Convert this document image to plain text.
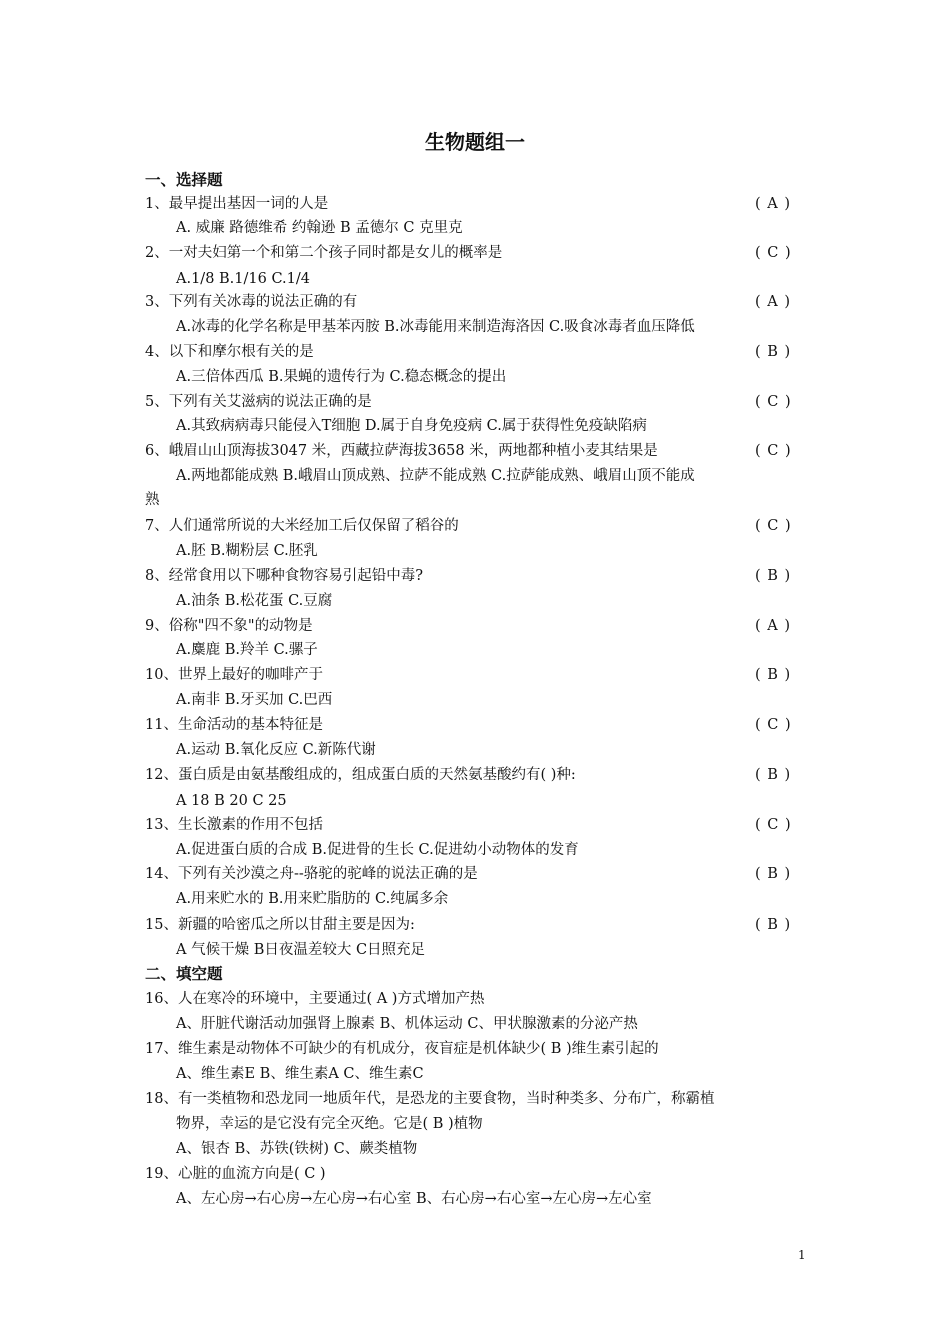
生物题组一
一、选择题
1、最早提出基因一词的人是	( A )
A. 威廉 路德维希 约翰逊 B 孟德尔 C 克里克
2、一对夫妇第一个和第二个孩子同时都是女儿的概率是	( C )
A.1/8 B.1/16 C.1/4
3、下列有关冰毒的说法正确的有	( A )
A.冰毒的化学名称是甲基苯丙胺 B.冰毒能用来制造海洛因 C.吸食冰毒者血压降低
4、以下和摩尔根有关的是	( B )
A.三倍体西瓜 B.果蝇的遗传行为 C.稳态概念的提出
5、下列有关艾滋病的说法正确的是	( C )
A.其致病病毒只能侵入T细胞 D.属于自身免疫病 C.属于获得性免疫缺陷病
6、峨眉山山顶海拔3047 米，西藏拉萨海拔3658 米，两地都种植小麦其结果是	( C )
A.两地都能成熟 B.峨眉山顶成熟、拉萨不能成熟 C.拉萨能成熟、峨眉山顶不能成
熟
7、人们通常所说的大米经加工后仅保留了稻谷的	( C )
A.胚 B.糊粉层 C.胚乳
8、经常食用以下哪种食物容易引起铅中毒?	( B )
A.油条 B.松花蛋 C.豆腐
9、俗称"四不象"的动物是	( A )
A.麋鹿 B.羚羊 C.骡子
10、世界上最好的咖啡产于	( B )
A.南非 B.牙买加 C.巴西
11、生命活动的基本特征是	( C )
A.运动 B.氧化反应 C.新陈代谢
12、蛋白质是由氨基酸组成的，组成蛋白质的天然氨基酸约有( )种:	( B )
A 18 B 20 C 25
13、生长激素的作用不包括	( C )
A.促进蛋白质的合成 B.促进骨的生长 C.促进幼小动物体的发育
14、下列有关沙漠之舟--骆驼的驼峰的说法正确的是	( B )
A.用来贮水的 B.用来贮脂肪的 C.纯属多余
15、新疆的哈密瓜之所以甘甜主要是因为:	( B )
A 气候干燥 B日夜温差较大 C日照充足
二、填空题
16、人在寒冷的环境中，主要通过( A )方式增加产热
A、肝脏代谢活动加强肾上腺素 B、机体运动 C、甲状腺激素的分泌产热
17、维生素是动物体不可缺少的有机成分，夜盲症是机体缺少( B )维生素引起的
A、维生素E B、维生素A C、维生素C
18、有一类植物和恐龙同一地质年代，是恐龙的主要食物，当时种类多、分布广，称霸植
物界，幸运的是它没有完全灭绝。它是( B )植物
A、银杏 B、苏铁(铁树) C、蕨类植物
19、心脏的血流方向是( C )
A、左心房→右心房→左心房→右心室 B、右心房→右心室→左心房→左心室
1
